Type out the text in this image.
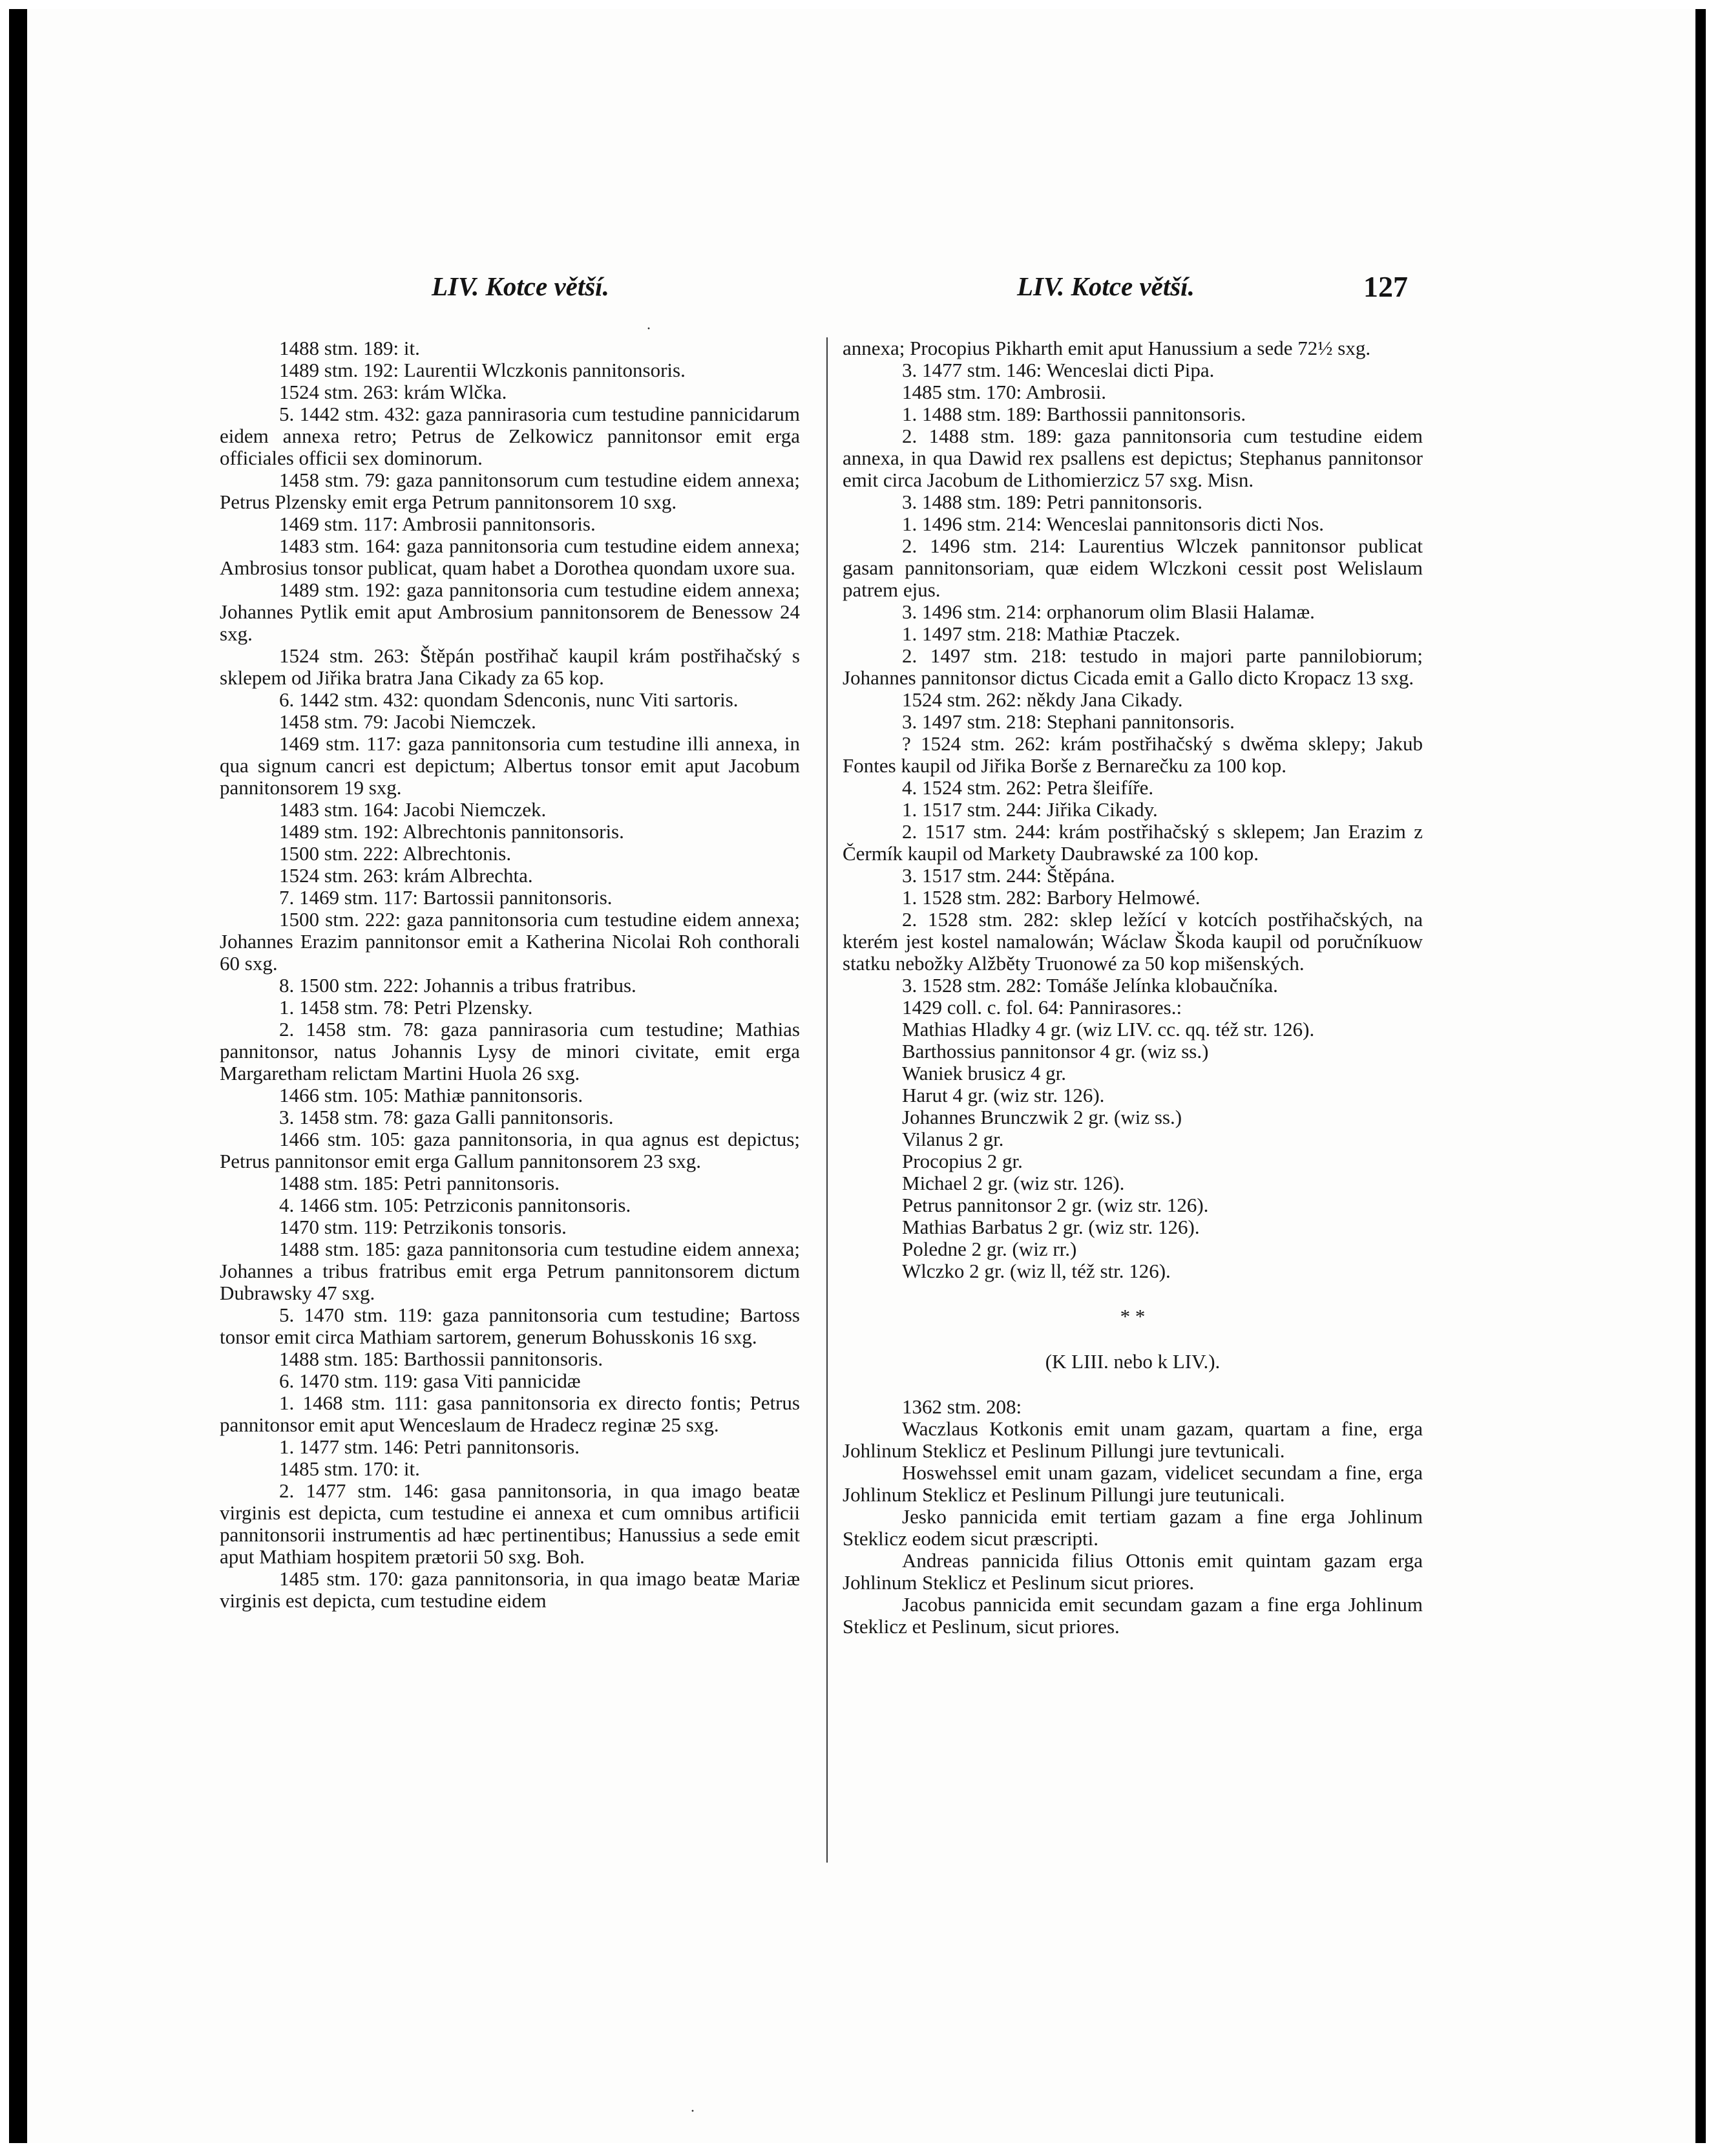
LIV. Kotce větší.	LIV. Kotce větší.	127
·

1488 stm. 189: it.

1489 stm. 192: Laurentii Wlczkonis pannitonsoris.

1524 stm. 263: krám Wlčka.

5. 1442 stm. 432: gaza pannirasoria cum testudine pannicidarum eidem annexa retro; Petrus de Zelkowicz pannitonsor emit erga officiales officii sex dominorum.

1458 stm. 79: gaza pannitonsorum cum testudine eidem annexa; Petrus Plzensky emit erga Petrum pannitonsorem 10 sxg.

1469 stm. 117: Ambrosii pannitonsoris.

1483 stm. 164: gaza pannitonsoria cum testudine eidem annexa; Ambrosius tonsor publicat, quam habet a Dorothea quondam uxore sua.

1489 stm. 192: gaza pannitonsoria cum testudine eidem annexa; Johannes Pytlik emit aput Ambrosium pannitonsorem de Benessow 24 sxg.

1524 stm. 263: Štěpán postřihač kaupil krám postřihačský s sklepem od Jiřika bratra Jana Cikady za 65 kop.

6. 1442 stm. 432: quondam Sdenconis, nunc Viti sartoris.

1458 stm. 79: Jacobi Niemczek.

1469 stm. 117: gaza pannitonsoria cum testudine illi annexa, in qua signum cancri est depictum; Albertus tonsor emit aput Jacobum pannitonsorem 19 sxg.

1483 stm. 164: Jacobi Niemczek.

1489 stm. 192: Albrechtonis pannitonsoris.

1500 stm. 222: Albrechtonis.

1524 stm. 263: krám Albrechta.

7. 1469 stm. 117: Bartossii pannitonsoris.

1500 stm. 222: gaza pannitonsoria cum testudine eidem annexa; Johannes Erazim pannitonsor emit a Katherina Nicolai Roh conthorali 60 sxg.

8. 1500 stm. 222: Johannis a tribus fratribus.

1. 1458 stm. 78: Petri Plzensky.

2. 1458 stm. 78: gaza pannirasoria cum testudine; Mathias pannitonsor, natus Johannis Lysy de minori civitate, emit erga Margaretham relictam Martini Huola 26 sxg.

1466 stm. 105: Mathiæ pannitonsoris.

3. 1458 stm. 78: gaza Galli pannitonsoris.

1466 stm. 105: gaza pannitonsoria, in qua agnus est depictus; Petrus pannitonsor emit erga Gallum pannitonsorem 23 sxg.

1488 stm. 185: Petri pannitonsoris.

4. 1466 stm. 105: Petrziconis pannitonsoris.

1470 stm. 119: Petrzikonis tonsoris.

1488 stm. 185: gaza pannitonsoria cum testudine eidem annexa; Johannes a tribus fratribus emit erga Petrum pannitonsorem dictum Dubrawsky 47 sxg.

5. 1470 stm. 119: gaza pannitonsoria cum testudine; Bartoss tonsor emit circa Mathiam sartorem, generum Bohusskonis 16 sxg.

1488 stm. 185: Barthossii pannitonsoris.

6. 1470 stm. 119: gasa Viti pannicidæ

1. 1468 stm. 111: gasa pannitonsoria ex directo fontis; Petrus pannitonsor emit aput Wenceslaum de Hradecz reginæ 25 sxg.

1. 1477 stm. 146: Petri pannitonsoris.

1485 stm. 170: it.

2. 1477 stm. 146: gasa pannitonsoria, in qua imago beatæ virginis est depicta, cum testudine ei annexa et cum omnibus artificii pannitonsorii instrumentis ad hæc pertinentibus; Hanussius a sede emit aput Mathiam hospitem prætorii 50 sxg. Boh.

1485 stm. 170: gaza pannitonsoria, in qua imago beatæ Mariæ virginis est depicta, cum testudine eidem

annexa; Procopius Pikharth emit aput Hanussium a sede 72½ sxg.

3. 1477 stm. 146: Wenceslai dicti Pipa.

1485 stm. 170: Ambrosii.

1. 1488 stm. 189: Barthossii pannitonsoris.

2. 1488 stm. 189: gaza pannitonsoria cum testudine eidem annexa, in qua Dawid rex psallens est depictus; Stephanus pannitonsor emit circa Jacobum de Lithomierzicz 57 sxg. Misn.

3. 1488 stm. 189: Petri pannitonsoris.

1. 1496 stm. 214: Wenceslai pannitonsoris dicti Nos.

2. 1496 stm. 214: Laurentius Wlczek pannitonsor publicat gasam pannitonsoriam, quæ eidem Wlczkoni cessit post Welislaum patrem ejus.

3. 1496 stm. 214: orphanorum olim Blasii Halamæ.

1. 1497 stm. 218: Mathiæ Ptaczek.

2. 1497 stm. 218: testudo in majori parte pannilobiorum; Johannes pannitonsor dictus Cicada emit a Gallo dicto Kropacz 13 sxg.

1524 stm. 262: někdy Jana Cikady.

3. 1497 stm. 218: Stephani pannitonsoris.

? 1524 stm. 262: krám postřihačský s dwěma sklepy; Jakub Fontes kaupil od Jiřika Borše z Bernarečku za 100 kop.

4. 1524 stm. 262: Petra šleifíře.

1. 1517 stm. 244: Jiřika Cikady.

2. 1517 stm. 244: krám postřihačský s sklepem; Jan Erazim z Čermík kaupil od Markety Daubrawské za 100 kop.

3. 1517 stm. 244: Štěpána.

1. 1528 stm. 282: Barbory Helmowé.

2. 1528 stm. 282: sklep ležící v kotcích postřihačských, na kterém jest kostel namalowán; Wáclaw Škoda kaupil od poručníkuow statku nebožky Alžběty Truonowé za 50 kop mišenských.

3. 1528 stm. 282: Tomáše Jelínka klobaučníka.

1429 coll. c. fol. 64: Pannirasores.:

Mathias Hladky 4 gr. (wiz LIV. cc. qq. též str. 126).

Barthossius pannitonsor 4 gr. (wiz ss.)

Waniek brusicz 4 gr.

Harut 4 gr. (wiz str. 126).

Johannes Brunczwik 2 gr. (wiz ss.)

Vilanus 2 gr.

Procopius 2 gr.

Michael 2 gr. (wiz str. 126).

Petrus pannitonsor 2 gr. (wiz str. 126).

Mathias Barbatus 2 gr. (wiz str. 126).

Poledne 2 gr. (wiz rr.)

Wlczko 2 gr. (wiz ll, též str. 126).

* *

(K LIII. nebo k LIV.).

1362 stm. 208:

Waczlaus Kotkonis emit unam gazam, quartam a fine, erga Johlinum Steklicz et Peslinum Pillungi jure tevtunicali.

Hoswehssel emit unam gazam, videlicet secundam a fine, erga Johlinum Steklicz et Peslinum Pillungi jure teutunicali.

Jesko pannicida emit tertiam gazam a fine erga Johlinum Steklicz eodem sicut præscripti.

Andreas pannicida filius Ottonis emit quintam gazam erga Johlinum Steklicz et Peslinum sicut priores.

Jacobus pannicida emit secundam gazam a fine erga Johlinum Steklicz et Peslinum, sicut priores.

·
